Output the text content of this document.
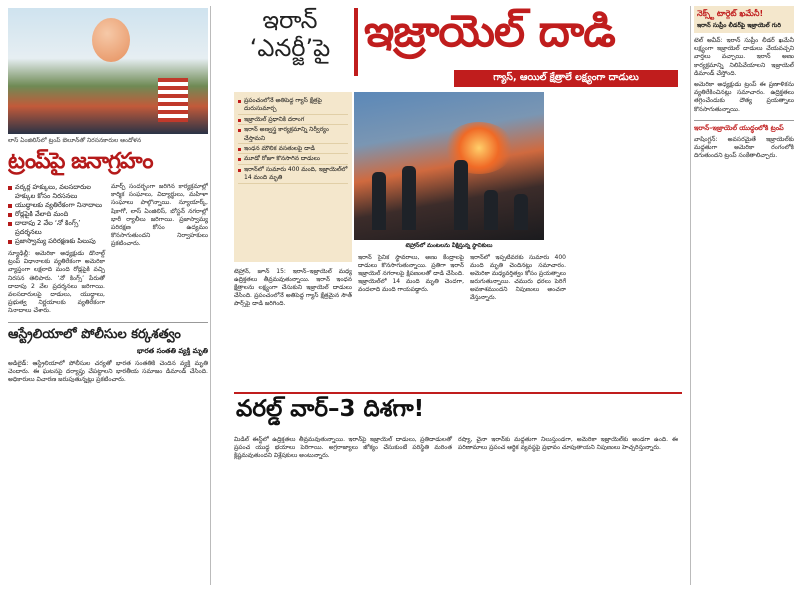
లాస్ ఏంజిలిస్‌లో ట్రంప్ బెలూన్‌తో నిరసనకారుల ఆందోళన
ట్రంప్‌పై జనాగ్రహం
వర్కర్ల హక్కులు, వలసదారుల హక్కుల కోసం నిరసనలు
యుద్ధాలకు వ్యతిరేకంగా నినాదాలు
రోడ్లపైకి వేలాది మంది
దాదాపు 2 వేల ‘నో కింగ్స్’ ప్రదర్శనలు
ప్రజాస్వామ్య పరిరక్షణకు పిలుపు

న్యూఢిల్లీ: అమెరికా అధ్యక్షుడు డొనాల్డ్ ట్రంప్ విధానాలకు వ్యతిరేకంగా అమెరికా వ్యాప్తంగా లక్షలాది మంది రోడ్లపైకి వచ్చి నిరసన తెలిపారు. ‘నో కింగ్స్’ పేరుతో దాదాపు 2 వేల ప్రదర్శనలు జరిగాయి. వలసదారులపై దాడులు, యుద్ధాలు, ప్రభుత్వ నిర్ణయాలకు వ్యతిరేకంగా నినాదాలు చేశారు.

మార్చ్ సందర్భంగా జరిగిన కార్యక్రమాల్లో కార్మిక సంఘాలు, విద్యార్థులు, మహిళా సంఘాలు పాల్గొన్నాయి. న్యూయార్క్, షికాగో, లాస్ ఏంజిలిస్, బోస్టన్ నగరాల్లో భారీ ర్యాలీలు జరిగాయి. ప్రజాస్వామ్య పరిరక్షణ కోసం ఉద్యమం కొనసాగుతుందని నిర్వాహకులు ప్రకటించారు.

ఆస్ట్రేలియాలో పోలీసుల కర్కశత్వం
భారత సంతతి వ్యక్తి మృతి

అడిలైడ్: ఆస్ట్రేలియాలో పోలీసుల చర్యతో భారత సంతతికి చెందిన వ్యక్తి మృతి చెందారు. ఈ ఘటనపై దర్యాప్తు చేపట్టాలని భారతీయ సమాజం డిమాండ్ చేసింది. అధికారులు విచారణ జరుపుతున్నట్లు ప్రకటించారు.

ఇరాన్ ‘ఎనర్జీ’పై ఇజ్రాయెల్ దాడి
గ్యాస్, ఆయిల్ క్షేత్రాలే లక్ష్యంగా దాడులు
ప్రపంచంలోనే అతిపెద్ద గ్యాస్ క్షేత్రపై దురుసుమార్చ
ఇజ్రాయెల్ ప్రధానికి దరాంగ
ఇరాన్ అణ్వస్త్ర కార్యక్రమాన్ని నిర్వీర్యం చేస్తామని
ఇంధన మౌలిక వసతులపై దాడి
మూడో రోజూ కొనసాగిన దాడులు
ఇరాన్‌లో సుమారు 400 మంది, ఇజ్రాయెల్‌లో 14 మంది మృతి
టెహ్రాన్‌లో మంటలను వీక్షిస్తున్న స్థానికులు

టెహ్రాన్, జూన్ 15: ఇరాన్–ఇజ్రాయెల్ మధ్య ఉద్రిక్తతలు తీవ్రమవుతున్నాయి. ఇరాన్ ఇంధన క్షేత్రాలను లక్ష్యంగా చేసుకుని ఇజ్రాయెల్ దాడులు చేసింది. ప్రపంచంలోనే అతిపెద్ద గ్యాస్ క్షేత్రమైన సౌత్ పార్స్‌పై దాడి జరిగింది.

ఇరాన్ సైనిక స్థావరాలు, అణు కేంద్రాలపై దాడులు కొనసాగుతున్నాయి. ప్రతిగా ఇరాన్ ఇజ్రాయెల్ నగరాలపై క్షిపణులతో దాడి చేసింది. ఇజ్రాయెల్‌లో 14 మంది మృతి చెందగా, వందలాది మంది గాయపడ్డారు.

ఇరాన్‌లో ఇప్పటివరకు సుమారు 400 మంది మృతి చెందినట్లు సమాచారం. అమెరికా మధ్యవర్తిత్వం కోసం ప్రయత్నాలు జరుగుతున్నాయి. చమురు ధరలు పెరిగే అవకాశముందని నిపుణులు అంచనా వేస్తున్నారు.

వరల్డ్ వార్–3 దిశగా!

మిడిల్ ఈస్ట్‌లో ఉద్రిక్తతలు తీవ్రమవుతున్నాయి. ఇరాన్‌పై ఇజ్రాయెల్ దాడులు, ప్రతిదాడులతో ప్రపంచ యుద్ధ భయాలు పెరిగాయి. అగ్రరాజ్యాలు జోక్యం చేసుకుంటే పరిస్థితి మరింత క్లిష్టమవుతుందని విశ్లేషకులు అంటున్నారు.

రష్యా, చైనా ఇరాన్‌కు మద్దతుగా నిలుస్తుండగా, అమెరికా ఇజ్రాయెల్‌కు అండగా ఉంది. ఈ పరిణామాలు ప్రపంచ ఆర్థిక వ్యవస్థపై ప్రభావం చూపుతాయని నిపుణులు హెచ్చరిస్తున్నారు.

నెక్స్ట్ టార్గెట్ ఖమేనీ!
ఇరాన్ సుప్రీం లీడర్‌పై ఇజ్రాయెల్ గురి

టెల్ అవీవ్: ఇరాన్ సుప్రీం లీడర్ ఖమేనీ లక్ష్యంగా ఇజ్రాయెల్ దాడులు చేయవచ్చని వార్తలు వచ్చాయి. ఇరాన్ అణు కార్యక్రమాన్ని నిలిపివేయాలని ఇజ్రాయెల్ డిమాండ్ చేస్తోంది.

అమెరికా అధ్యక్షుడు ట్రంప్ ఈ ప్రణాళికను వ్యతిరేకించినట్లు సమాచారం. ఉద్రిక్తతలు తగ్గించేందుకు దౌత్య ప్రయత్నాలు కొనసాగుతున్నాయి.

ఇరాన్–ఇజ్రాయెల్ యుద్ధంలోకి ట్రంప్

వాషింగ్టన్: అవసరమైతే ఇజ్రాయెల్‌కు మద్దతుగా అమెరికా రంగంలోకి దిగుతుందని ట్రంప్ సంకేతాలిచ్చారు.
